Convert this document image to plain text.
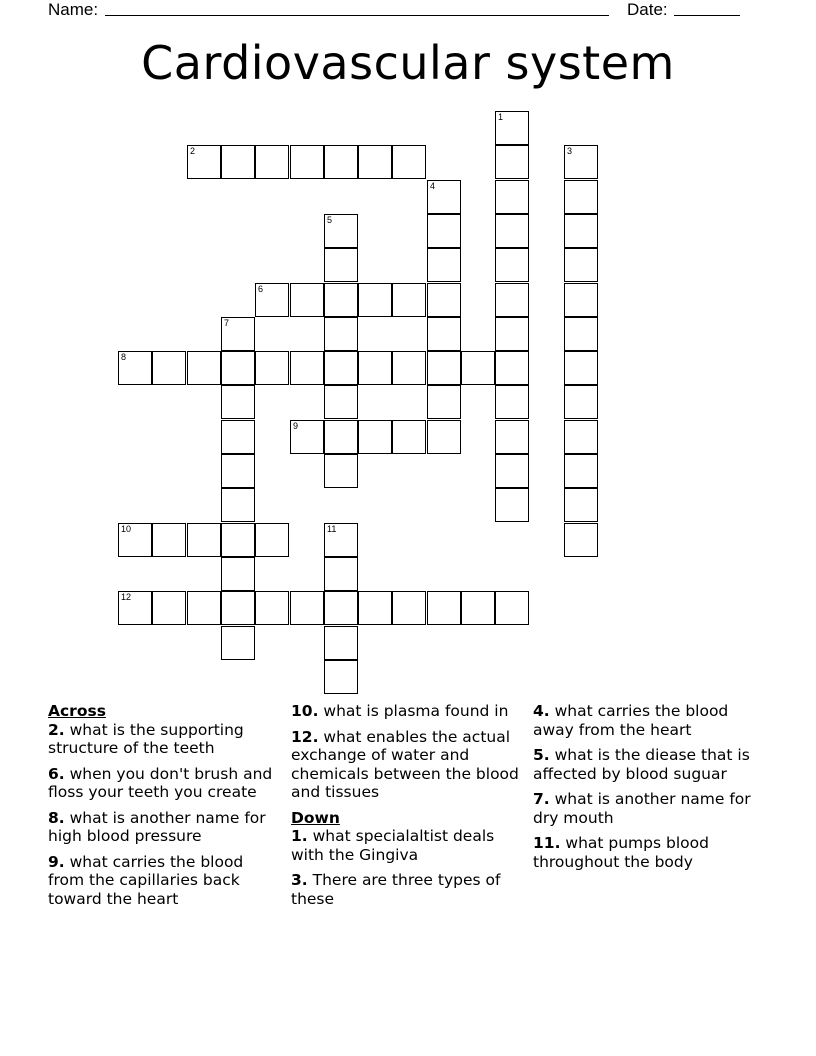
Name:	Date:
Cardiovascular system
1
2	3
4
5
6
7
8
9
10	11
12

Across

2. what is the supporting structure of the teeth

6. when you don't brush and floss your teeth you create

8. what is another name for high blood pressure

9. what carries the blood from the capillaries back toward the heart

10. what is plasma found in

12. what enables the actual exchange of water and chemicals between the blood and tissues

Down

1. what specialaltist deals with the Gingiva

3. There are three types of these

4. what carries the blood away from the heart

5. what is the diease that is affected by blood suguar

7. what is another name for dry mouth

11. what pumps blood throughout the body
